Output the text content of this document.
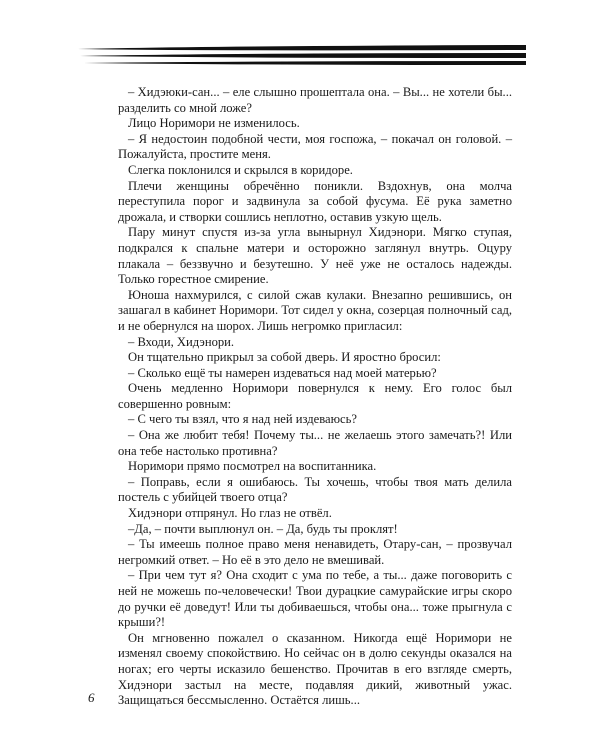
– Хидэюки-сан... – еле слышно прошептала она. – Вы... не хотели бы... разделить со мной ложе?

Лицо Норимори не изменилось.

– Я недостоин подобной чести, моя госпожа, – покачал он головой. – Пожалуйста, простите меня.

Слегка поклонился и скрылся в коридоре.

Плечи женщины обречённо поникли. Вздохнув, она молча переступила порог и задвинула за собой фусума. Её рука заметно дрожала, и створки сошлись неплотно, оставив узкую щель.

Пару минут спустя из-за угла вынырнул Хидэнори. Мягко ступая, подкрался к спальне матери и осторожно заглянул внутрь. Оцуру плакала – беззвучно и безутешно. У неё уже не осталось надежды. Только горестное смирение.

Юноша нахмурился, с силой сжав кулаки. Внезапно решившись, он зашагал в кабинет Норимори. Тот сидел у окна, созерцая полночный сад, и не обернулся на шорох. Лишь негромко пригласил:

– Входи, Хидэнори.

Он тщательно прикрыл за собой дверь. И яростно бросил:

– Сколько ещё ты намерен издеваться над моей матерью?

Очень медленно Норимори повернулся к нему. Его голос был совершенно ровным:

– С чего ты взял, что я над ней издеваюсь?

– Она же любит тебя! Почему ты... не желаешь этого замечать?! Или она тебе настолько противна?

Норимори прямо посмотрел на воспитанника.

– Поправь, если я ошибаюсь. Ты хочешь, чтобы твоя мать делила постель с убийцей твоего отца?

Хидэнори отпрянул. Но глаз не отвёл.

–Да, – почти выплюнул он. – Да, будь ты проклят!

– Ты имеешь полное право меня ненавидеть, Отару-сан, – прозвучал негромкий ответ. – Но её в это дело не вмешивай.

– При чем тут я? Она сходит с ума по тебе, а ты... даже поговорить с ней не можешь по-человечески! Твои дурацкие самурайские игры скоро до ручки её доведут! Или ты добиваешься, чтобы она... тоже прыгнула с крыши?!

Он мгновенно пожалел о сказанном. Никогда ещё Норимори не изменял своему спокойствию. Но сейчас он в долю секунды оказался на ногах; его черты исказило бешенство. Прочитав в его взгляде смерть, Хидэнори застыл на месте, подавляя дикий, животный ужас. Защищаться бессмысленно. Остаётся лишь...

6
